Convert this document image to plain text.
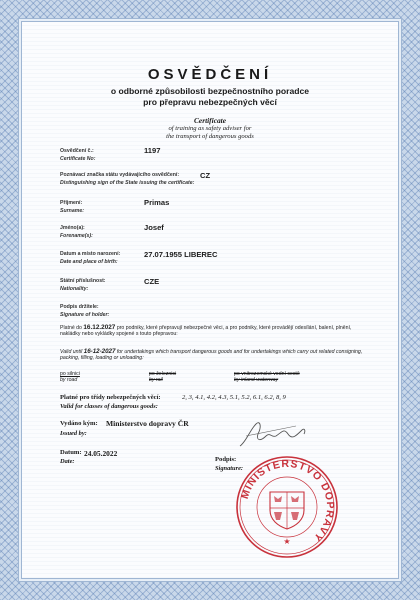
OSVĚDČENÍ
o odborné způsobilosti bezpečnostního poradce
pro přepravu nebezpečných věcí
Certificate
of training as safety adviser for
the transport of dangerous goods
Osvědčení č.:
Certificate No:
1197
Poznávací značka státu vydávajícího osvědčení:
Distinguishing sign of the State issuing the certificate:
CZ
Příjmení:
Surname:
Primas
Jméno(a):
Forename(s):
Josef
Datum a místo narození:
Date and place of birth:
27.07.1955 LIBEREC
Státní příslušnost:
Nationality:
CZE
Podpis držitele:
Signature of holder:
Platné do 16.12.2027 pro podniky, které přepravují nebezpečné věci, a pro podniky, které provádějí odesílání, balení, plnění, nakládky nebo vykládky spojené s touto přepravou:
Valid until 16-12-2027 for undertakings which transport dangerous goods and for undertakings which carry out related consigning, packing, filling, loading or unloading:
po silnici
by road
po železnici
by rail
po vnitrozemské vodní cestě
by inland waterway
Platné pro třídy nebezpečných věcí:	2, 3, 4.1, 4.2, 4.3, 5.1, 5.2, 6.1, 6.2, 8, 9
Valid for classes of dangerous goods:
Vydáno kým: Ministerstvo dopravy ČR
Issued by:
Datum: 24.05.2022
Date:	Podpis:
Signature:
MINISTERSTVO DOPRAVY
★
